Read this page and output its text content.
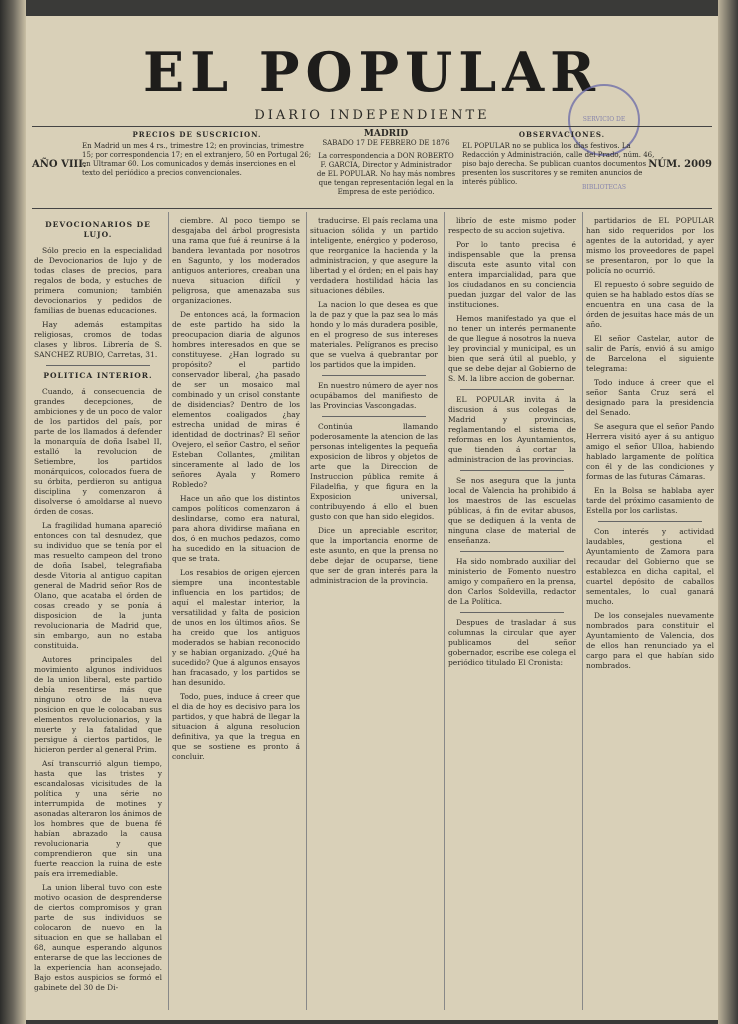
EL POPULAR
SERVICIO DE BIBLIOTECAS
DIARIO INDEPENDIENTE
AÑO VIII.
PRECIOS DE SUSCRICION.
En Madrid un mes 4 rs., trimestre 12; en provincias, trimestre 15; por correspondencia 17; en el extranjero, 50 en Portugal 26; en Ultramar 60. Los comunicados y demás inserciones en el texto del periódico a precios convencionales.
MADRID
SABADO 17 DE FEBRERO DE 1876
La correspondencia a DON ROBERTO F. GARCIA, Director y Administrador de EL POPULAR. No hay más nombres que tengan representación legal en la Empresa de este periódico.
OBSERVACIONES.
EL POPULAR no se publica los días festivos. La Redacción y Administración, calle del Prado, núm. 46, piso bajo derecha. Se publican cuantos documentos presenten los suscritores y se remiten anuncios de interés público.
NÚM. 2009

DEVOCIONARIOS DE LUJO.

Sólo precio en la especialidad de Devocionarios de lujo y de todas clases de precios, para regalos de boda, y estuches de primera comunion; también devocionarios y pedidos de familias de buenas educaciones.

Hay además estampitas religiosas, cromos de todas clases y libros. Librería de S. SANCHEZ RUBIO, Carretas, 31.

POLITICA INTERIOR.

Cuando, á consecuencia de grandes decepciones, de ambiciones y de un poco de valor de los partidos del país, por parte de los llamados á defender la monarquía de doña Isabel II, estalló la revolucion de Setiembre, los partidos monárquicos, colocados fuera de su órbita, perdieron su antigua disciplina y comenzaron á disolverse ó amoldarse al nuevo órden de cosas.

La fragilidad humana apareció entonces con tal desnudez, que su individuo que se tenía por el mas resuelto campeon del trono de doña Isabel, telegrafiaba desde Vitoria al antiguo capitan general de Madrid señor Ros de Olano, que acataba el órden de cosas creado y se ponía á disposicion de la junta revolucionaria de Madrid que, sin embargo, aun no estaba constituida.

Autores principales del movimiento algunos individuos de la union liberal, este partido debía resentirse más que ninguno otro de la nueva posicion en que le colocaban sus elementos revolucionarios, y la muerte y la fatalidad que persigue á ciertos partidos, le hicieron perder al general Prim.

Así transcurrió algun tiempo, hasta que las tristes y escandalosas vicisitudes de la política y una série no interrumpida de motines y asonadas alteraron los ánimos de los hombres que de buena fé habían abrazado la causa revolucionaria y que comprendieron que sin una fuerte reaccion la ruina de este país era irremediable.

La union liberal tuvo con este motivo ocasion de desprenderse de ciertos compromisos y gran parte de sus individuos se colocaron de nuevo en la situacion en que se hallaban el 68, aunque esperando algunos enterarse de que las lecciones de la experiencia han aconsejado. Bajo estos auspicios se formó el gabinete del 30 de Di-

ciembre. Al poco tiempo se desgajaba del árbol progresista una rama que fué á reunirse á la bandera levantada por nosotros en Sagunto, y los moderados antiguos anteriores, creaban una nueva situacion difícil y peligrosa, que amenazaba sus organizaciones.

De entonces acá, la formacion de este partido ha sido la preocupacion diaria de algunos hombres interesados en que se constituyese. ¿Han logrado su propósito? el partido conservador liberal, ¿ha pasado de ser un mosaico mal combinado y un crisol constante de disidencias? Dentro de los elementos coaligados ¿hay estrecha unidad de miras é identidad de doctrinas? El señor Ovejero, el señor Castro, el señor Esteban Collantes, ¿militan sinceramente al lado de los señores Ayala y Romero Robledo?

Hace un año que los distintos campos políticos comenzaron á deslindarse, como era natural, para ahora dividirse mañana en dos, ó en muchos pedazos, como ha sucedido en la situacion de que se trata.

Los resabios de origen ejercen siempre una incontestable influencia en los partidos; de aquí el malestar interior, la versatilidad y falta de posicion de unos en los últimos años. Se ha creido que los antiguos moderados se habian reconocido y se habian organizado. ¿Qué ha sucedido? Que á algunos ensayos han fracasado, y los partidos se han desunido.

Todo, pues, induce á creer que el dia de hoy es decisivo para los partidos, y que habrá de llegar la situacion á alguna resolucion definitiva, ya que la tregua en que se sostiene es pronto á concluir.

traducirse. El país reclama una situacion sólida y un partido inteligente, enérgico y poderoso, que reorganice la hacienda y la administracion, y que asegure la libertad y el órden; en el pais hay verdadera hostilidad hácia las situaciones débiles.

La nacion lo que desea es que la de paz y que la paz sea lo más hondo y lo más duradera posible, en el progreso de sus intereses materiales. Pelígranos es preciso que se vuelva á quebrantar por los partidos que la impiden.

En nuestro número de ayer nos ocupábamos del manifiesto de las Provincias Vascongadas.

Continúa llamando poderosamente la atencion de las personas inteligentes la pequeña exposicion de libros y objetos de arte que la Direccion de Instruccion pública remite á Filadelfia, y que figura en la Exposicion universal, contribuyendo á ello el buen gusto con que han sido elegidos.

Dice un apreciable escritor, que la importancia enorme de este asunto, en que la prensa no debe dejar de ocuparse, tiene que ser de gran interés para la administracion de la provincia.

librío de este mismo poder respecto de su accion sujetiva.

Por lo tanto precisa é indispensable que la prensa discuta este asunto vital con entera imparcialidad, para que los ciudadanos en su conciencia puedan juzgar del valor de las instituciones.

Hemos manifestado ya que el no tener un interés permanente de que llegue á nosotros la nueva ley provincial y municipal, es un bien que será útil al pueblo, y que se debe dejar al Gobierno de S. M. la libre accion de gobernar.

EL POPULAR invita á la discusion á sus colegas de Madrid y provincias, reglamentando el sistema de reformas en los Ayuntamientos, que tienden á cortar la administracion de las provincias.

Se nos asegura que la junta local de Valencia ha prohibido á los maestros de las escuelas públicas, á fin de evitar abusos, que se dediquen á la venta de ninguna clase de material de enseñanza.

Ha sido nombrado auxiliar del ministerio de Fomento nuestro amigo y compañero en la prensa, don Carlos Soldevilla, redactor de La Política.

Despues de trasladar á sus columnas la circular que ayer publicamos del señor gobernador, escribe ese colega el periódico titulado El Cronista:

partidarios de EL POPULAR han sido requeridos por los agentes de la autoridad, y ayer mismo los proveedores de papel se presentaron, por lo que la policía no ocurrió.

El repuesto ó sobre seguido de quien se ha hablado estos días se encuentra en una casa de la órden de jesuitas hace más de un año.

El señor Castelar, autor de salir de París, envió á su amigo de Barcelona el siguiente telegrama:

Todo induce á creer que el señor Santa Cruz será el designado para la presidencia del Senado.

Se asegura que el señor Pando Herrera visitó ayer á su antiguo amigo el señor Ulloa, habiendo hablado largamente de política con él y de las condiciones y formas de las futuras Cámaras.

En la Bolsa se hablaba ayer tarde del próximo casamiento de Estella por los carlistas.

Con interés y actividad laudables, gestiona el Ayuntamiento de Zamora para recaudar del Gobierno que se establezca en dicha capital, el cuartel depósito de caballos sementales, lo cual ganará mucho.

De los consejales nuevamente nombrados para constituir el Ayuntamiento de Valencia, dos de ellos han renunciado ya el cargo para el que habían sido nombrados.
